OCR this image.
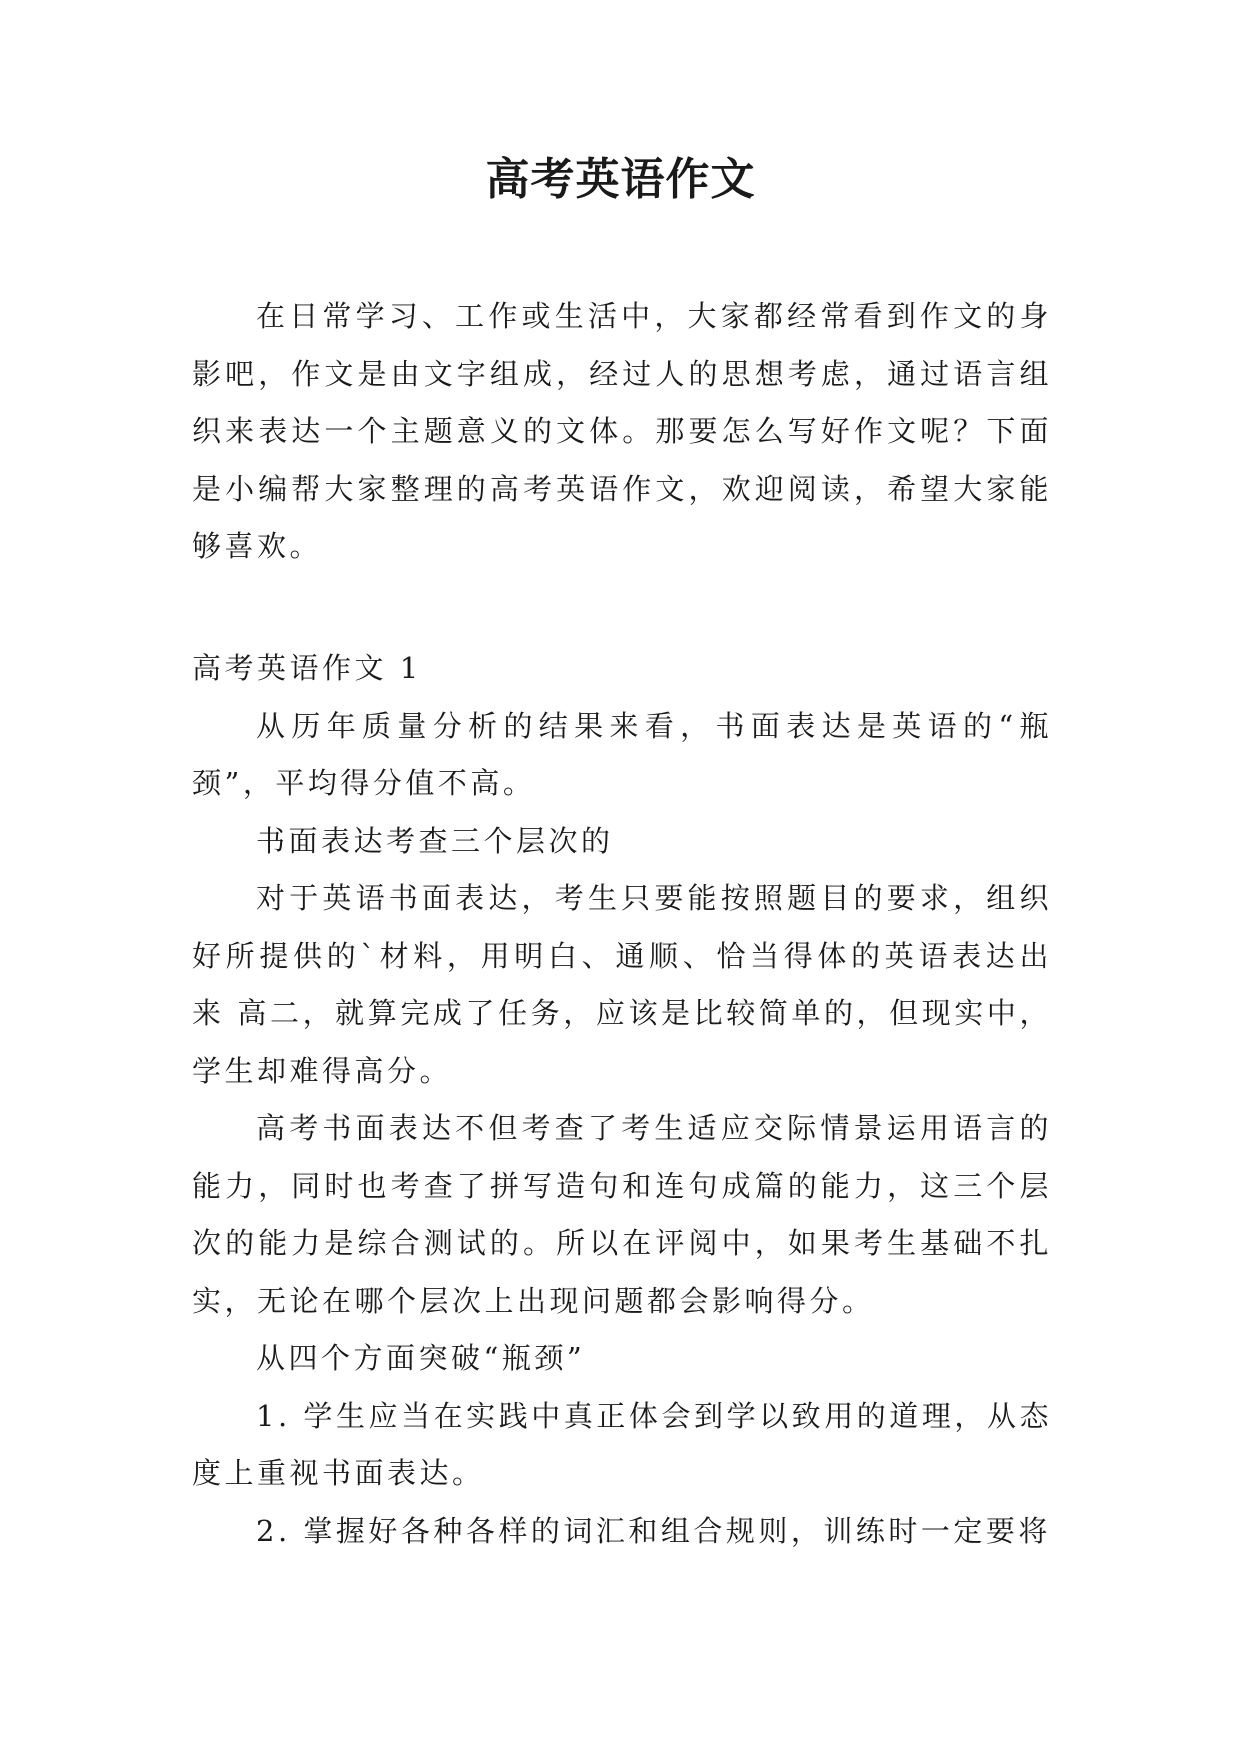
高考英语作文

在日常学习、工作或生活中，大家都经常看到作文的身影吧，作文是由文字组成，经过人的思想考虑，通过语言组织来表达一个主题意义的文体。那要怎么写好作文呢？下面是小编帮大家整理的高考英语作文，欢迎阅读，希望大家能够喜欢。

高考英语作文 1

从历年质量分析的结果来看，书面表达是英语的“瓶颈”，平均得分值不高。

书面表达考查三个层次的

对于英语书面表达，考生只要能按照题目的要求，组织好所提供的`材料，用明白、通顺、恰当得体的英语表达出来 高二，就算完成了任务，应该是比较简单的，但现实中，学生却难得高分。

高考书面表达不但考查了考生适应交际情景运用语言的能力，同时也考查了拼写造句和连句成篇的能力，这三个层次的能力是综合测试的。所以在评阅中，如果考生基础不扎实，无论在哪个层次上出现问题都会影响得分。

从四个方面突破“瓶颈”

1. 学生应当在实践中真正体会到学以致用的道理，从态度上重视书面表达。

2. 掌握好各种各样的词汇和组合规则，训练时一定要将
